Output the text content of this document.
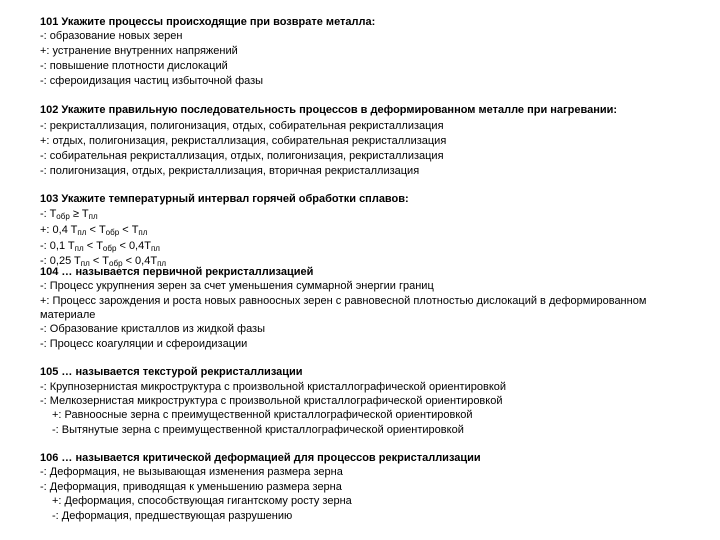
101 Укажите процессы происходящие при возврате металла:
-: образование новых зерен
+: устранение внутренних напряжений
-: повышение плотности дислокаций
-: сфероидизация частиц избыточной фазы
102 Укажите правильную последовательность процессов в деформированном металле при нагревании:
-: рекристаллизация, полигонизация, отдых, собирательная рекристаллизация
+: отдых, полигонизация, рекристаллизация, собирательная рекристаллизация
-: собирательная рекристаллизация, отдых, полигонизация, рекристаллизация
-: полигонизация, отдых, рекристаллизация, вторичная рекристаллизация
103 Укажите температурный интервал горячей обработки сплавов:
-: $T_{обр} \ge T_{пл}$
+: 0,4 $T_{пл} < T_{обр} < T_{пл}$
-: 0,1 $T_{пл} < T_{обр} < 0,4T_{пл}$
-: 0,25 $T_{пл} < T_{обр} < 0,4T_{пл}$
104 … называется первичной рекристаллизацией
-: Процесс укрупнения зерен за счет уменьшения суммарной энергии границ
+: Процесс зарождения и роста новых равноосных зерен с равновесной плотностью дислокаций в деформированном
материале
-: Образование кристаллов из жидкой фазы
-: Процесс коагуляции и сфероидизации
105 … называется текстурой рекристаллизации
-: Крупнозернистая микроструктура с произвольной кристаллографической ориентировкой
-: Мелкозернистая микроструктура с произвольной кристаллографической ориентировкой
+: Равноосные зерна с преимущественной кристаллографической ориентировкой
-: Вытянутые зерна с преимущественной кристаллографической ориентировкой
106 … называется критической деформацией для процессов рекристаллизации
-: Деформация, не вызывающая изменения размера зерна
-: Деформация, приводящая к уменьшению размера зерна
+: Деформация, способствующая гигантскому росту зерна
-: Деформация, предшествующая разрушению
